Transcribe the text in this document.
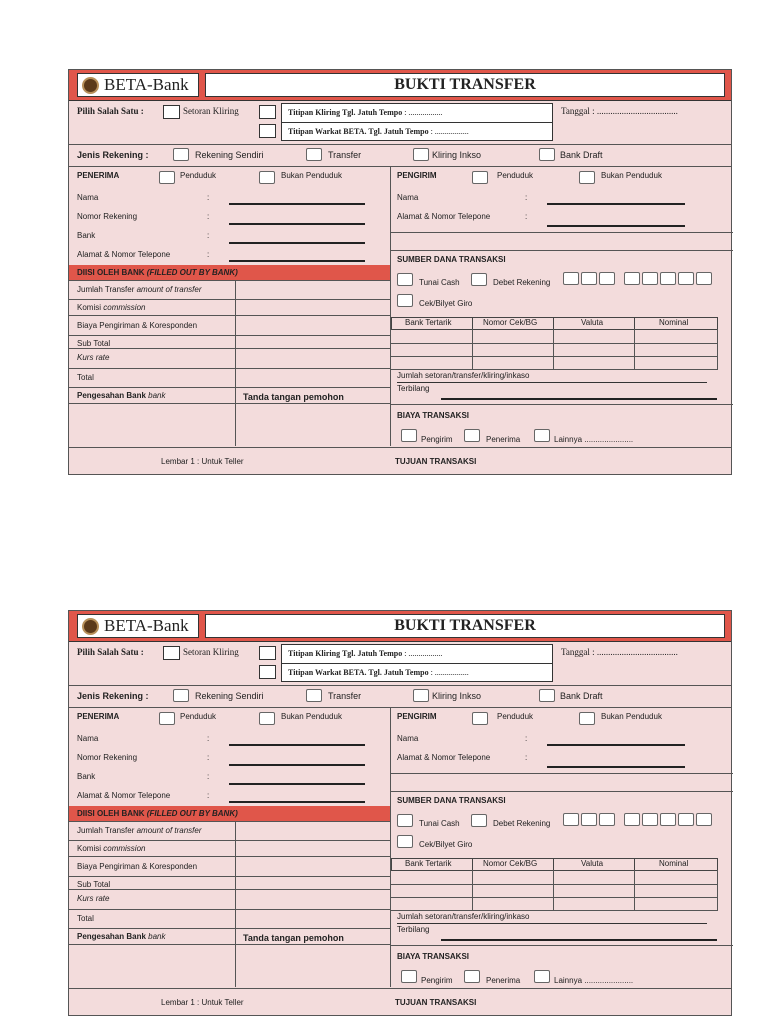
BETA-Bank	BUKTI TRANSFER
Pilih Salah Satu :	Setoran Kliring	Titipan Kliring Tgl. Jatuh Tempo : .................
Titipan Warkat BETA. Tgl. Jatuh Tempo : .................
Tanggal : ....................................
Jenis Rekening :	Rekening Sendiri	Transfer	Kliring Inkso	Bank Draft
PENERIMA	Penduduk	Bukan Penduduk
Nama	:
Nomor Rekening	:
Bank	:
Alamat & Nomor Telepone	:
PENGIRIM	Penduduk	Bukan Penduduk
Nama	:
Alamat & Nomor Telepone	:
DIISI OLEH BANK (FILLED OUT BY BANK)
Jumlah Transfer amount of transfer
Komisi commission
Biaya Pengiriman & Koresponden
Sub Total
Kurs rate
Total
Pengesahan Bank bank	Tanda tangan pemohon
SUMBER DANA TRANSAKSI
Tunai Cash	Debet Rekening
Cek/Bilyet Giro
Bank Tertarik	Nomor Cek/BG	Valuta	Nominal
Jumlah setoran/transfer/kliring/inkaso
Terbilang
BIAYA TRANSAKSI
Pengirim	Penerima	Lainnya ......................
Lembar 1 : Untuk Teller	TUJUAN TRANSAKSI
BETA-Bank	BUKTI TRANSFER
Pilih Salah Satu :	Setoran Kliring	Titipan Kliring Tgl. Jatuh Tempo : .................
Titipan Warkat BETA. Tgl. Jatuh Tempo : .................
Tanggal : ....................................
Jenis Rekening :	Rekening Sendiri	Transfer	Kliring Inkso	Bank Draft
PENERIMA	Penduduk	Bukan Penduduk
Nama	:
Nomor Rekening	:
Bank	:
Alamat & Nomor Telepone	:
PENGIRIM	Penduduk	Bukan Penduduk
Nama	:
Alamat & Nomor Telepone	:
DIISI OLEH BANK (FILLED OUT BY BANK)
Jumlah Transfer amount of transfer
Komisi commission
Biaya Pengiriman & Koresponden
Sub Total
Kurs rate
Total
Pengesahan Bank bank	Tanda tangan pemohon
SUMBER DANA TRANSAKSI
Tunai Cash	Debet Rekening
Cek/Bilyet Giro
Bank Tertarik	Nomor Cek/BG	Valuta	Nominal
Jumlah setoran/transfer/kliring/inkaso
Terbilang
BIAYA TRANSAKSI
Pengirim	Penerima	Lainnya ......................
Lembar 1 : Untuk Teller	TUJUAN TRANSAKSI
